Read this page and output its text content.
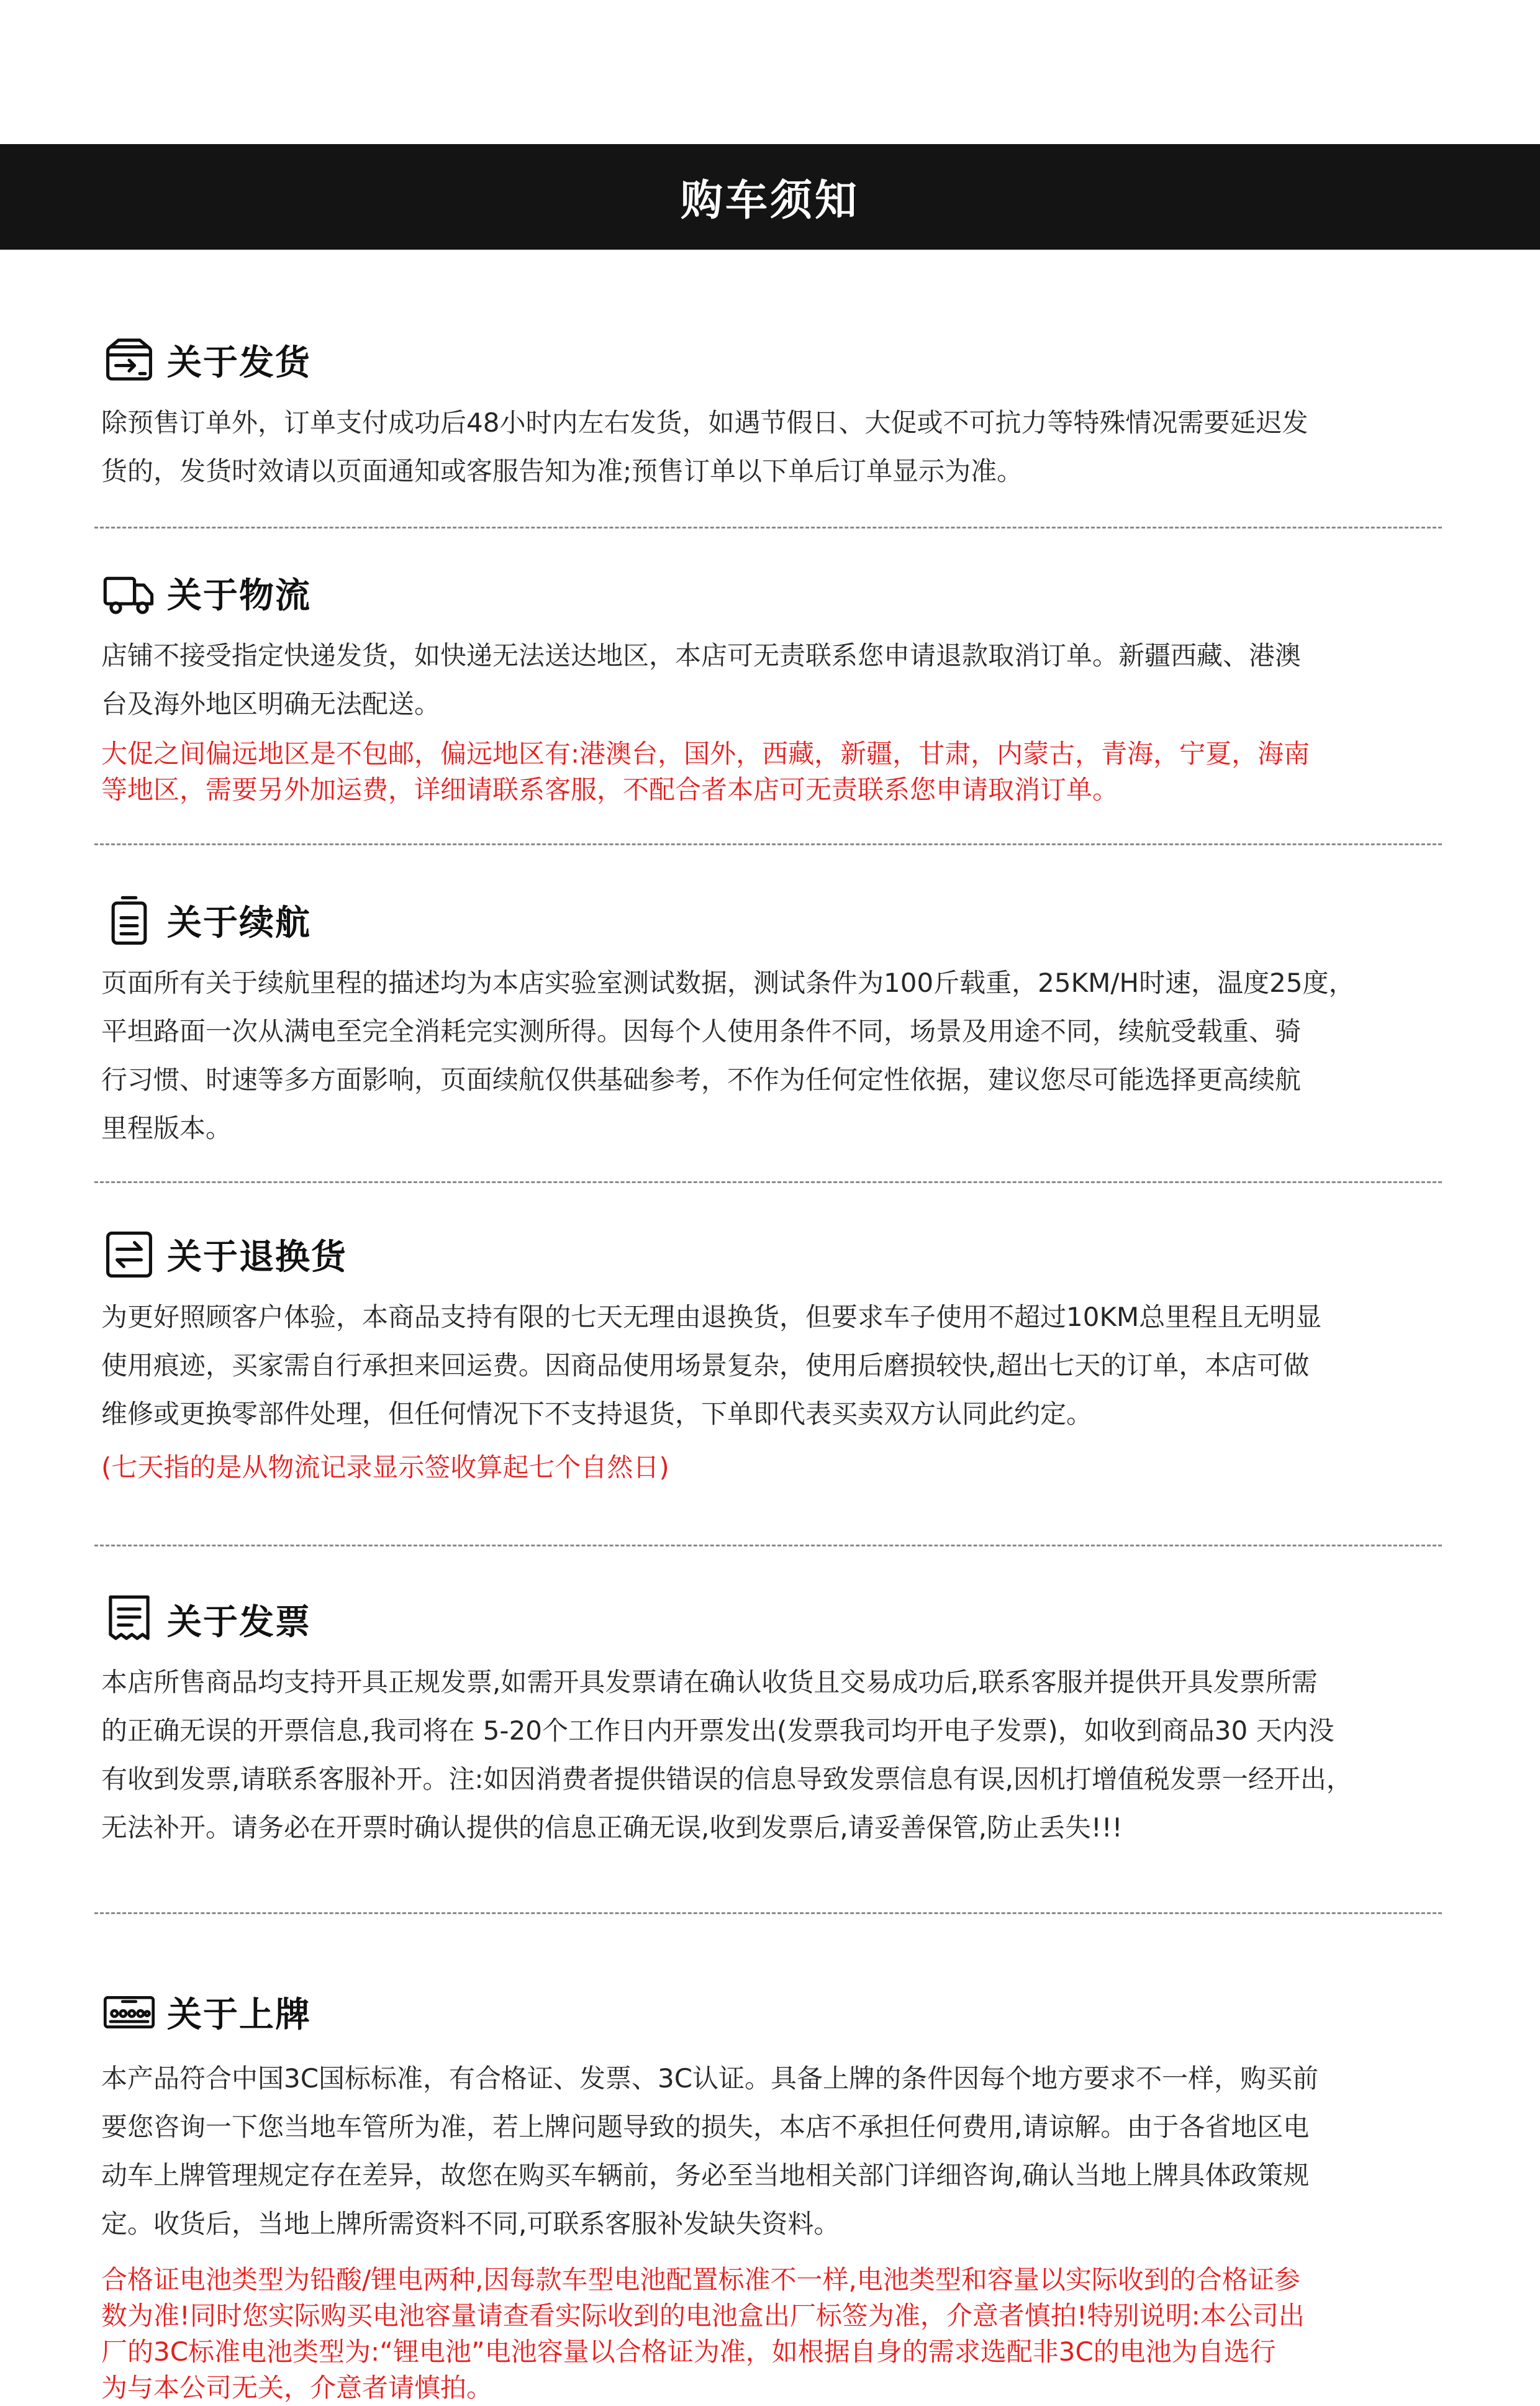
购车须知
关于发货

除预售订单外，订单支付成功后48小时内左右发货，如遇节假日、大促或不可抗力等特殊情况需要延迟发
货的，发货时效请以页面通知或客服告知为准;预售订单以下单后订单显示为准。

关于物流

店铺不接受指定快递发货，如快递无法送达地区，本店可无责联系您申请退款取消订单。新疆西藏、港澳
台及海外地区明确无法配送。

大促之间偏远地区是不包邮，偏远地区有:港澳台，国外，西藏，新疆，甘肃，内蒙古，青海，宁夏，海南
等地区，需要另外加运费，详细请联系客服，不配合者本店可无责联系您申请取消订单。

关于续航

页面所有关于续航里程的描述均为本店实验室测试数据，测试条件为100斤载重，25KM/H时速，温度25度，
平坦路面一次从满电至完全消耗完实测所得。因每个人使用条件不同，场景及用途不同，续航受载重、骑
行习惯、时速等多方面影响，页面续航仅供基础参考，不作为任何定性依据，建议您尽可能选择更高续航
里程版本。

关于退换货

为更好照顾客户体验，本商品支持有限的七天无理由退换货，但要求车子使用不超过10KM总里程且无明显
使用痕迹，买家需自行承担来回运费。因商品使用场景复杂，使用后磨损较快,超出七天的订单，本店可做
维修或更换零部件处理，但任何情况下不支持退货，下单即代表买卖双方认同此约定。

(七天指的是从物流记录显示签收算起七个自然日)

关于发票

本店所售商品均支持开具正规发票,如需开具发票请在确认收货且交易成功后,联系客服并提供开具发票所需
的正确无误的开票信息,我司将在 5-20个工作日内开票发出(发票我司均开电子发票)，如收到商品30 天内没
有收到发票,请联系客服补开。注:如因消费者提供错误的信息导致发票信息有误,因机打增值税发票一经开出，
无法补开。请务必在开票时确认提供的信息正确无误,收到发票后,请妥善保管,防止丢失!!!

关于上牌

本产品符合中国3C国标标准，有合格证、发票、3C认证。具备上牌的条件因每个地方要求不一样，购买前
要您咨询一下您当地车管所为准，若上牌问题导致的损失，本店不承担任何费用,请谅解。由于各省地区电
动车上牌管理规定存在差异，故您在购买车辆前，务必至当地相关部门详细咨询,确认当地上牌具体政策规
定。收货后，当地上牌所需资料不同,可联系客服补发缺失资料。

合格证电池类型为铅酸/锂电两种,因每款车型电池配置标准不一样,电池类型和容量以实际收到的合格证参
数为准!同时您实际购买电池容量请查看实际收到的电池盒出厂标签为准，介意者慎拍!特别说明:本公司出
厂的3C标准电池类型为:“锂电池”电池容量以合格证为准，如根据自身的需求选配非3C的电池为自选行
为与本公司无关，介意者请慎拍。
